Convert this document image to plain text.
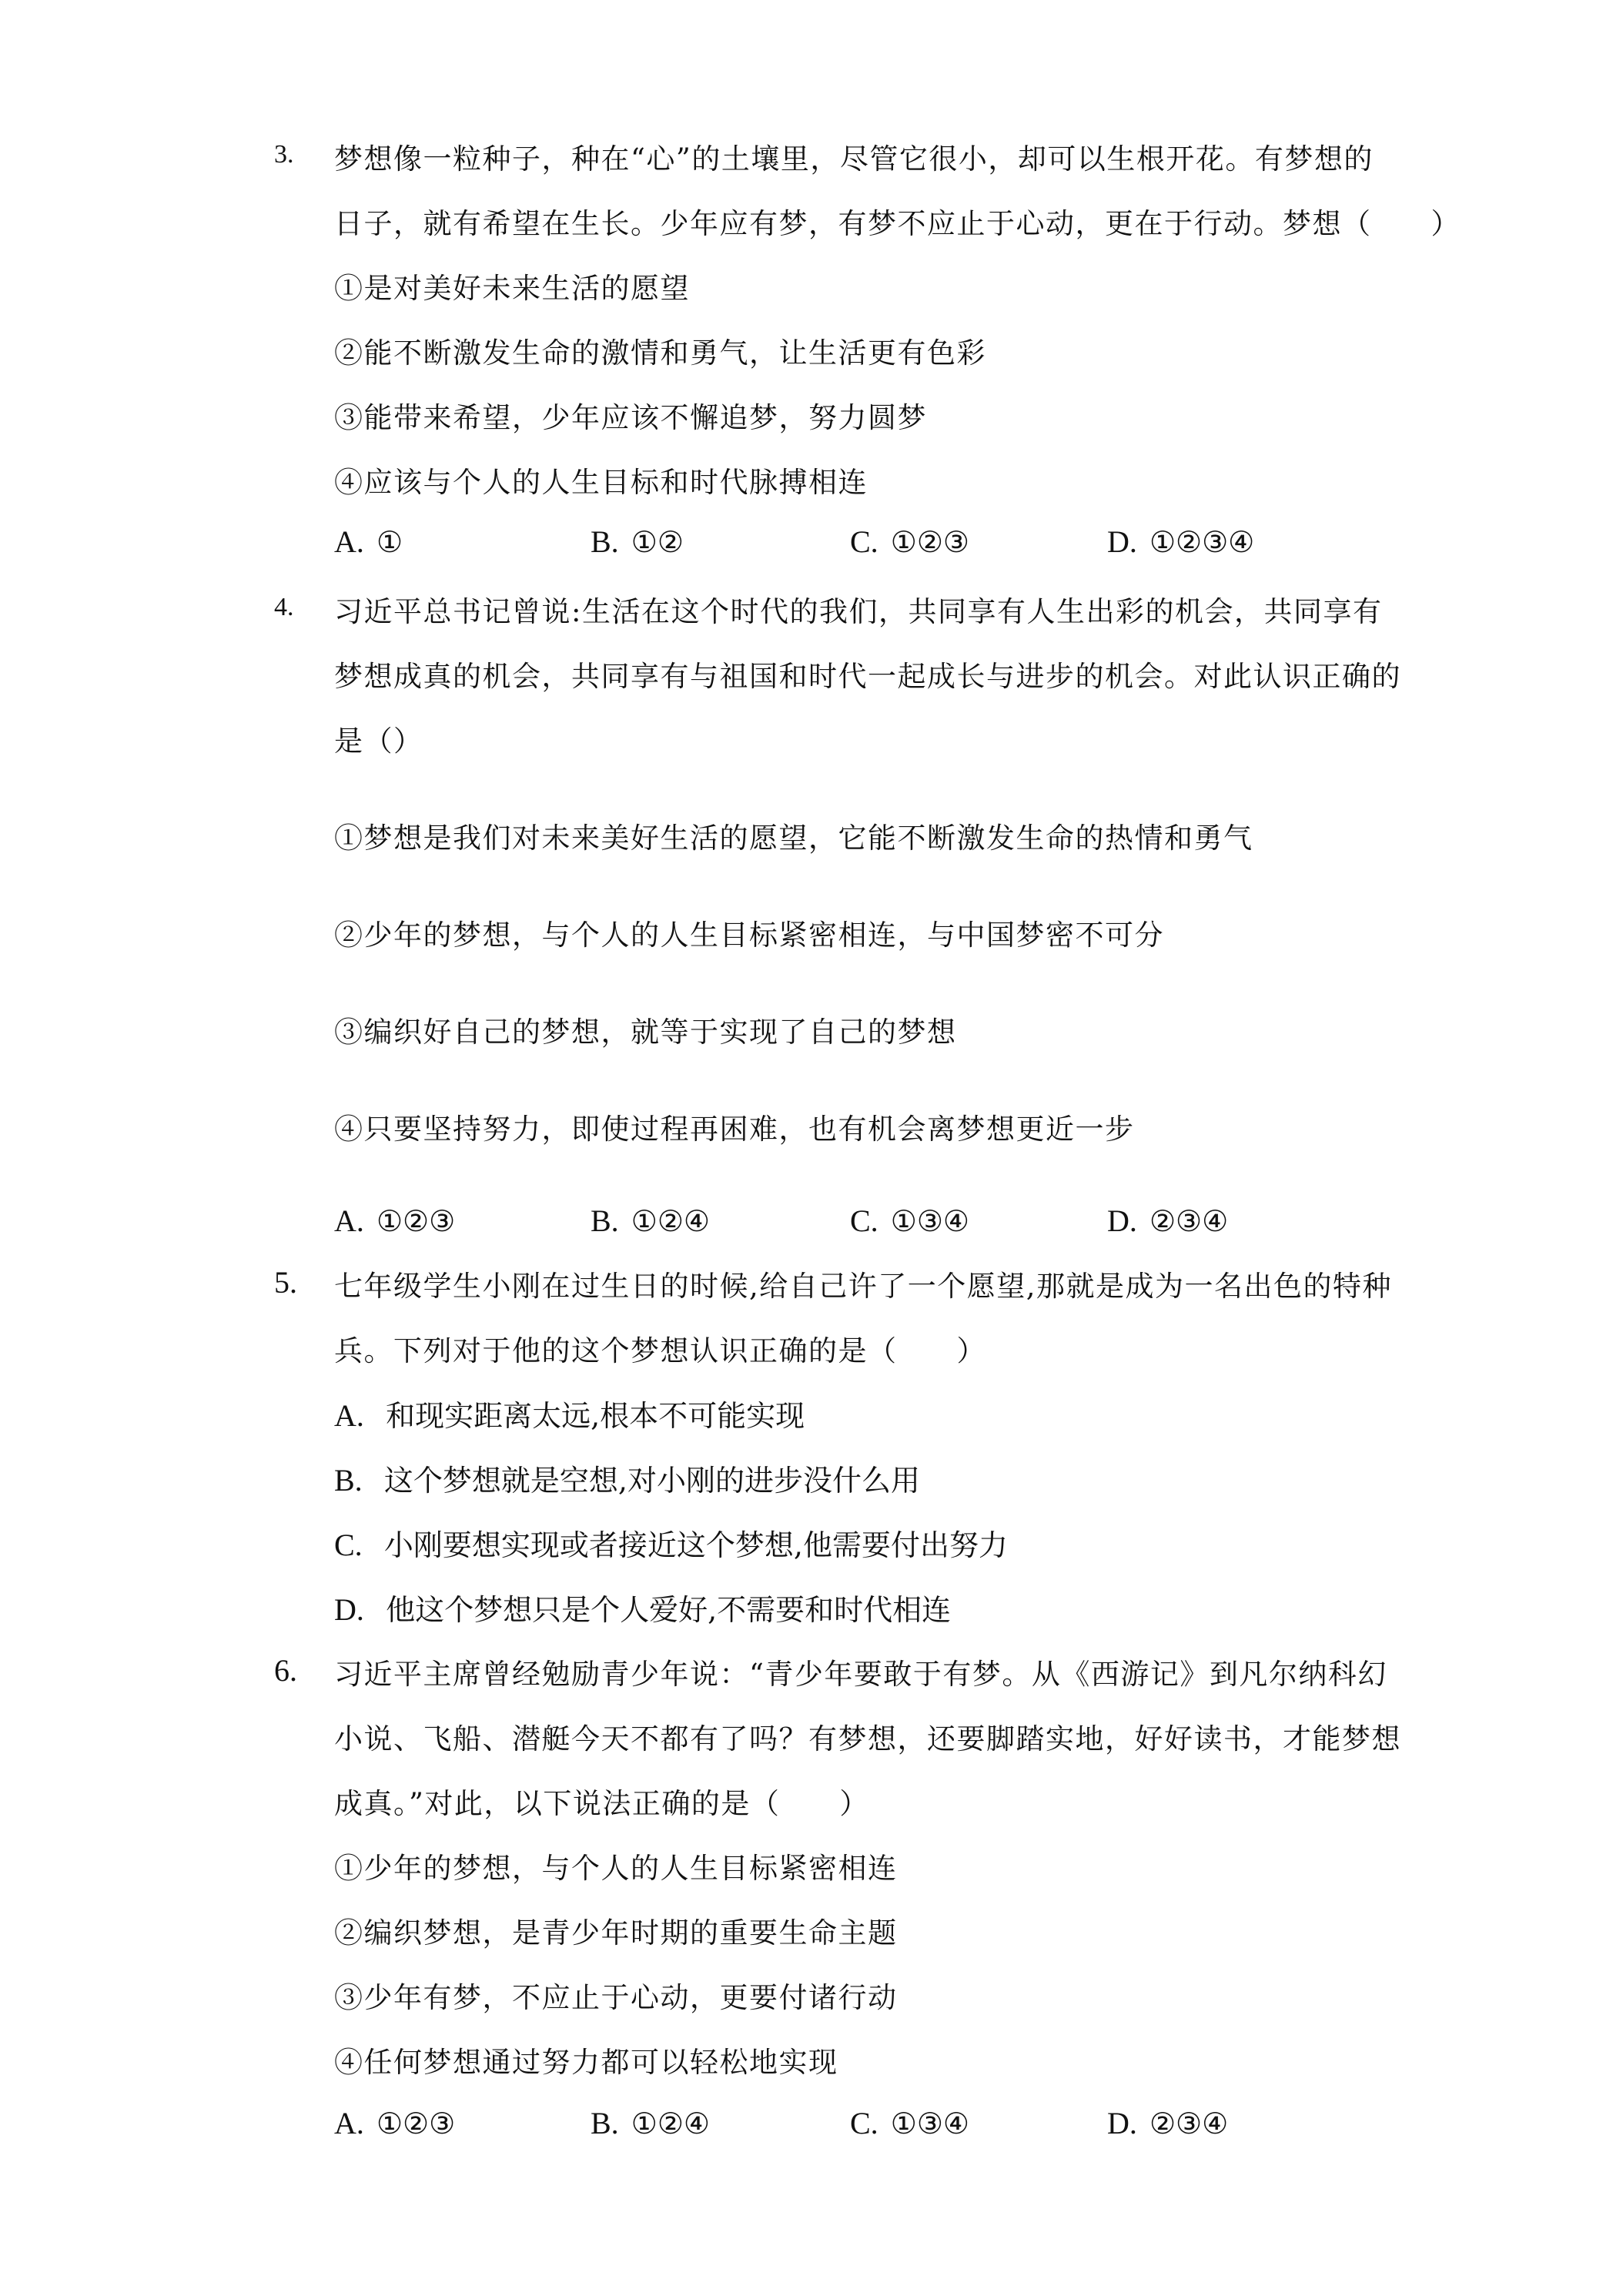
3. 梦想像一粒种子，种在“心”的土壤里，尽管它很小，却可以生根开花。有梦想的
日子，就有希望在生长。少年应有梦，有梦不应止于心动，更在于行动。梦想（　　）
①是对美好未来生活的愿望
②能不断激发生命的激情和勇气，让生活更有色彩
③能带来希望，少年应该不懈追梦，努力圆梦
④应该与个人的人生目标和时代脉搏相连
A. ①	B. ①②	C. ①②③	D. ①②③④
4. 习近平总书记曾说:生活在这个时代的我们，共同享有人生出彩的机会，共同享有
梦想成真的机会，共同享有与祖国和时代一起成长与进步的机会。对此认识正确的
是（）
①梦想是我们对未来美好生活的愿望，它能不断激发生命的热情和勇气
②少年的梦想，与个人的人生目标紧密相连，与中国梦密不可分
③编织好自己的梦想，就等于实现了自己的梦想
④只要坚持努力，即使过程再困难，也有机会离梦想更近一步
A. ①②③	B. ①②④	C. ①③④	D. ②③④
5. 七年级学生小刚在过生日的时候,给自己许了一个愿望,那就是成为一名出色的特种
兵。下列对于他的这个梦想认识正确的是（　　）
A. 和现实距离太远,根本不可能实现
B. 这个梦想就是空想,对小刚的进步没什么用
C. 小刚要想实现或者接近这个梦想,他需要付出努力
D. 他这个梦想只是个人爱好,不需要和时代相连
6. 习近平主席曾经勉励青少年说：“青少年要敢于有梦。从《西游记》到凡尔纳科幻
小说、飞船、潜艇今天不都有了吗？有梦想，还要脚踏实地，好好读书，才能梦想
成真。”对此，以下说法正确的是（　　）
①少年的梦想，与个人的人生目标紧密相连
②编织梦想，是青少年时期的重要生命主题
③少年有梦，不应止于心动，更要付诸行动
④任何梦想通过努力都可以轻松地实现
A. ①②③	B. ①②④	C. ①③④	D. ②③④
